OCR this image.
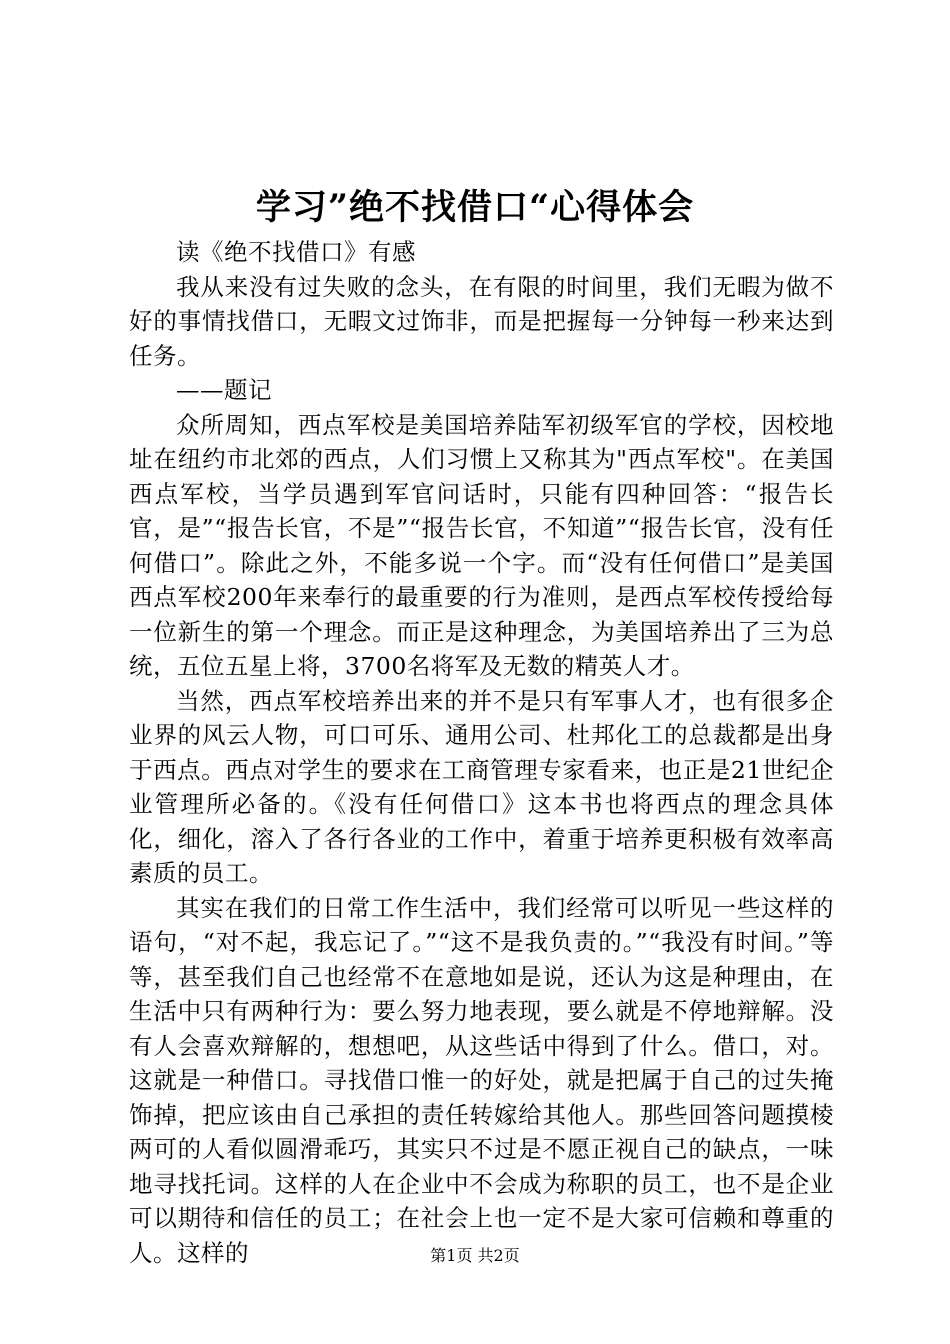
学习”绝不找借口“心得体会

读《绝不找借口》有感

我从来没有过失败的念头，在有限的时间里，我们无暇为做不好的事情找借口，无暇文过饰非，而是把握每一分钟每一秒来达到任务。

——题记

众所周知，西点军校是美国培养陆军初级军官的学校，因校地址在纽约市北郊的西点，人们习惯上又称其为"西点军校"。在美国西点军校，当学员遇到军官问话时，只能有四种回答：“报告长官，是”“报告长官，不是”“报告长官，不知道”“报告长官，没有任何借口”。除此之外，不能多说一个字。而“没有任何借口”是美国西点军校200年来奉行的最重要的行为准则，是西点军校传授给每一位新生的第一个理念。而正是这种理念，为美国培养出了三为总统，五位五星上将，3700名将军及无数的精英人才。

当然，西点军校培养出来的并不是只有军事人才，也有很多企业界的风云人物，可口可乐、通用公司、杜邦化工的总裁都是出身于西点。西点对学生的要求在工商管理专家看来，也正是21世纪企业管理所必备的。《没有任何借口》这本书也将西点的理念具体化，细化，溶入了各行各业的工作中，着重于培养更积极有效率高素质的员工。

其实在我们的日常工作生活中，我们经常可以听见一些这样的语句，“对不起，我忘记了。”“这不是我负责的。”“我没有时间。”等等，甚至我们自己也经常不在意地如是说，还认为这是种理由，在生活中只有两种行为：要么努力地表现，要么就是不停地辩解。没有人会喜欢辩解的，想想吧，从这些话中得到了什么。借口，对。这就是一种借口。寻找借口惟一的好处，就是把属于自己的过失掩饰掉，把应该由自己承担的责任转嫁给其他人。那些回答问题摸棱两可的人看似圆滑乖巧，其实只不过是不愿正视自己的缺点，一味地寻找托词。这样的人在企业中不会成为称职的员工，也不是企业可以期待和信任的员工；在社会上也一定不是大家可信赖和尊重的人。这样的	第1页 共2页
